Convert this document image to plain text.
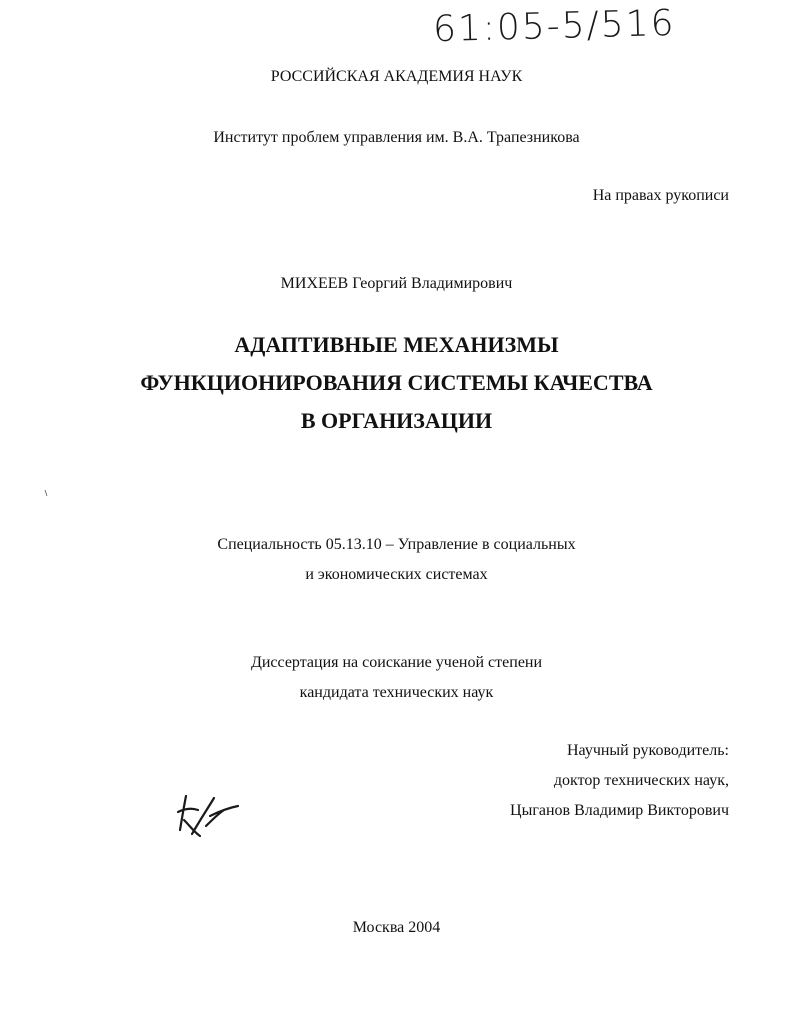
61:05-5/516
РОССИЙСКАЯ АКАДЕМИЯ НАУК
Институт проблем управления им. В.А. Трапезникова
На правах рукописи
МИХЕЕВ Георгий Владимирович
АДАПТИВНЫЕ МЕХАНИЗМЫ
ФУНКЦИОНИРОВАНИЯ СИСТЕМЫ КАЧЕСТВА
В ОРГАНИЗАЦИИ
Специальность 05.13.10 – Управление в социальных
и экономических системах
Диссертация на соискание ученой степени
кандидата технических наук
Научный руководитель:
доктор технических наук,
Цыганов Владимир Викторович
Москва 2004
